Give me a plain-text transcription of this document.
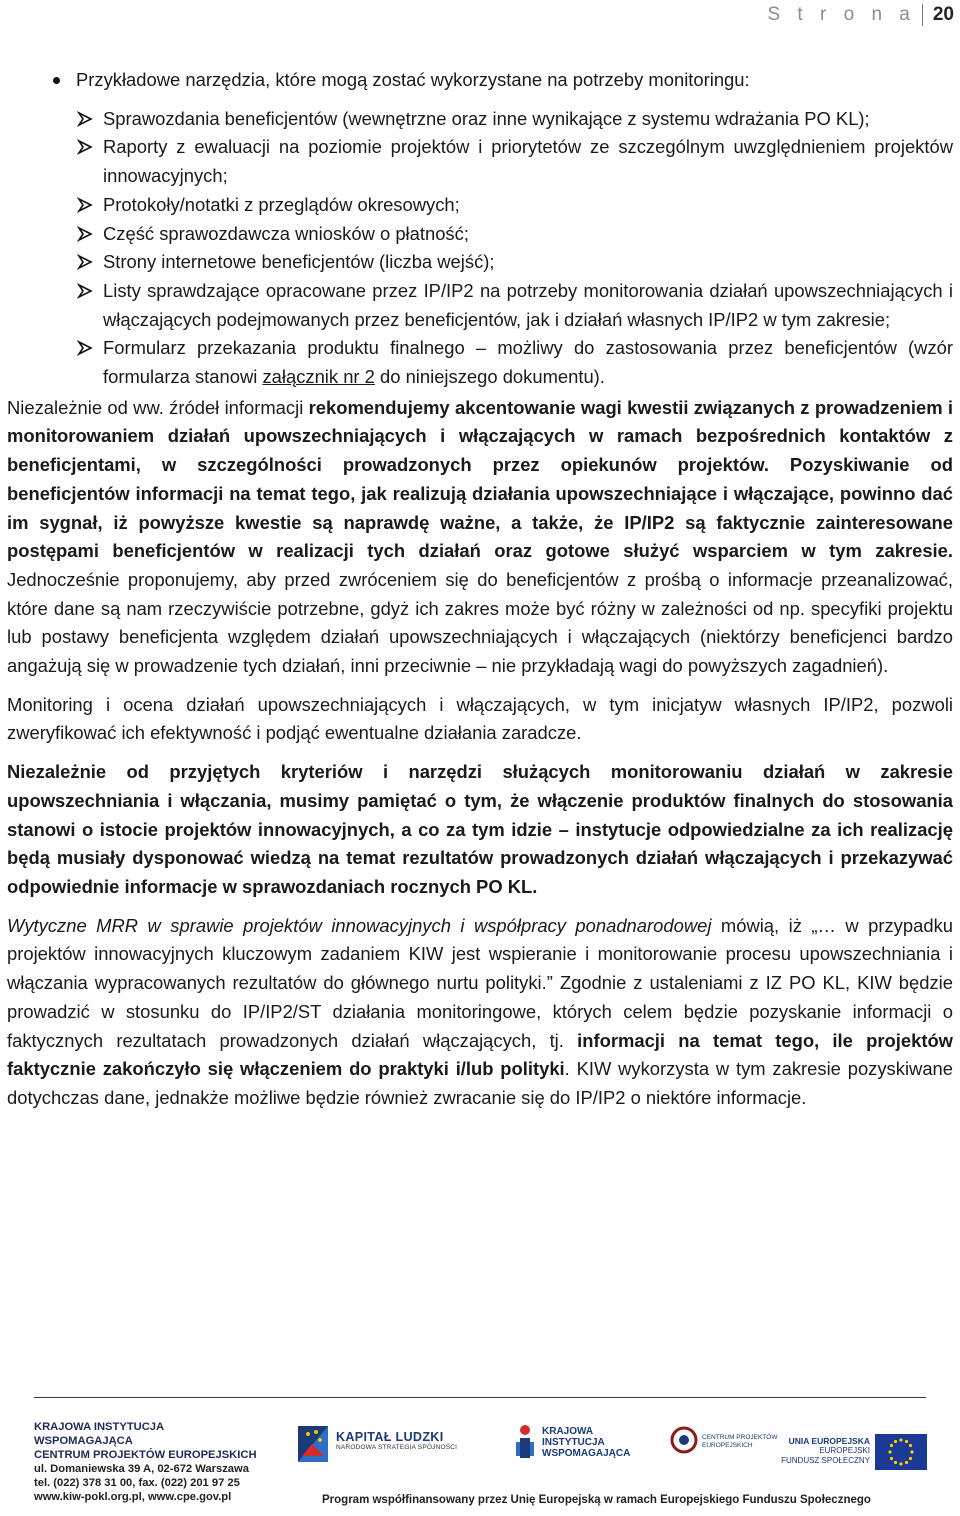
S t r o n a 20

Przykładowe narzędzia, które mogą zostać wykorzystane na potrzeby monitoringu:

Sprawozdania beneficjentów (wewnętrzne oraz inne wynikające z systemu wdrażania PO KL);
Raporty z ewaluacji na poziomie projektów i priorytetów ze szczególnym uwzględnieniem projektów innowacyjnych;
Protokoły/notatki z przeglądów okresowych;
Część sprawozdawcza wniosków o płatność;
Strony internetowe beneficjentów (liczba wejść);
Listy sprawdzające opracowane przez IP/IP2 na potrzeby monitorowania działań upowszechniających i włączających podejmowanych przez beneficjentów, jak i działań własnych IP/IP2 w tym zakresie;
Formularz przekazania produktu finalnego – możliwy do zastosowania przez beneficjentów (wzór formularza stanowi załącznik nr 2 do niniejszego dokumentu).

Niezależnie od ww. źródeł informacji rekomendujemy akcentowanie wagi kwestii związanych z prowadzeniem i monitorowaniem działań upowszechniających i włączających w ramach bezpośrednich kontaktów z beneficjentami, w szczególności prowadzonych przez opiekunów projektów. Pozyskiwanie od beneficjentów informacji na temat tego, jak realizują działania upowszechniające i włączające, powinno dać im sygnał, iż powyższe kwestie są naprawdę ważne, a także, że IP/IP2 są faktycznie zainteresowane postępami beneficjentów w realizacji tych działań oraz gotowe służyć wsparciem w tym zakresie. Jednocześnie proponujemy, aby przed zwróceniem się do beneficjentów z prośbą o informacje przeanalizować, które dane są nam rzeczywiście potrzebne, gdyż ich zakres może być różny w zależności od np. specyfiki projektu lub postawy beneficjenta względem działań upowszechniających i włączających (niektórzy beneficjenci bardzo angażują się w prowadzenie tych działań, inni przeciwnie – nie przykładają wagi do powyższych zagadnień).

Monitoring i ocena działań upowszechniających i włączających, w tym inicjatyw własnych IP/IP2, pozwoli zweryfikować ich efektywność i podjąć ewentualne działania zaradcze.

Niezależnie od przyjętych kryteriów i narzędzi służących monitorowaniu działań w zakresie upowszechniania i włączania, musimy pamiętać o tym, że włączenie produktów finalnych do stosowania stanowi o istocie projektów innowacyjnych, a co za tym idzie – instytucje odpowiedzialne za ich realizację będą musiały dysponować wiedzą na temat rezultatów prowadzonych działań włączających i przekazywać odpowiednie informacje w sprawozdaniach rocznych PO KL.

Wytyczne MRR w sprawie projektów innowacyjnych i współpracy ponadnarodowej mówią, iż „… w przypadku projektów innowacyjnych kluczowym zadaniem KIW jest wspieranie i monitorowanie procesu upowszechniania i włączania wypracowanych rezultatów do głównego nurtu polityki.” Zgodnie z ustaleniami z IZ PO KL, KIW będzie prowadzić w stosunku do IP/IP2/ST działania monitoringowe, których celem będzie pozyskanie informacji o faktycznych rezultatach prowadzonych działań włączających, tj. informacji na temat tego, ile projektów faktycznie zakończyło się włączeniem do praktyki i/lub polityki. KIW wykorzysta w tym zakresie pozyskiwane dotychczas dane, jednakże możliwe będzie również zwracanie się do IP/IP2 o niektóre informacje.

KRAJOWA INSTYTUCJA WSPOMAGAJĄCA
CENTRUM PROJEKTÓW EUROPEJSKICH
ul. Domaniewska 39 A, 02-672 Warszawa
tel. (022) 378 31 00, fax. (022) 201 97 25
www.kiw-pokl.org.pl, www.cpe.gov.pl
KAPITAŁ LUDZKI
NARODOWA STRATEGIA SPÓJNOŚCI
KRAJOWA
INSTYTUCJA
WSPOMAGAJĄCA
CENTRUM PROJEKTÓW
EUROPEJSKICH	UNIA EUROPEJSKA
EUROPEJSKI
FUNDUSZ SPOŁECZNY
Program współfinansowany przez Unię Europejską w ramach Europejskiego Funduszu Społecznego
